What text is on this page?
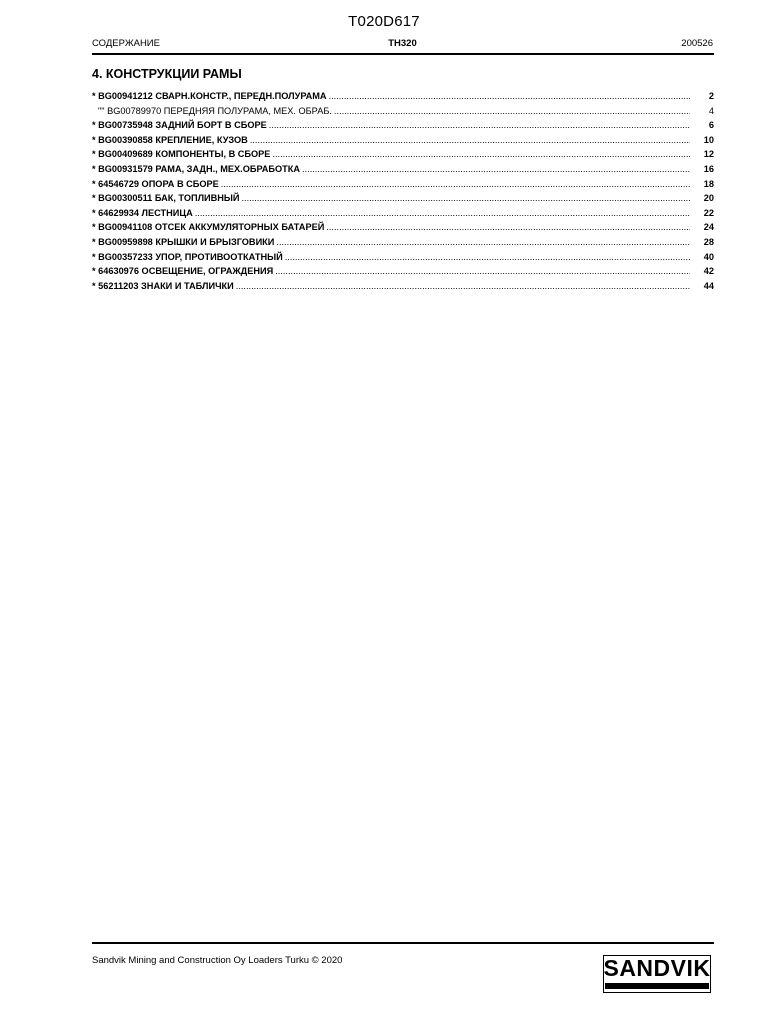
T020D617
СОДЕРЖАНИЕ	TH320	200526
4. КОНСТРУКЦИИ РАМЫ
* BG00941212 СВАРН.КОНСТР., ПЕРЕДН.ПОЛУРАМА .....	2
"" BG00789970 ПЕРЕДНЯЯ ПОЛУРАМА, МЕХ. ОБРАБ. .....	4
* BG00735948 ЗАДНИЙ БОРТ В СБОРЕ .....	6
* BG00390858 КРЕПЛЕНИЕ, КУЗОВ .....	10
* BG00409689 КОМПОНЕНТЫ, В СБОРЕ .....	12
* BG00931579 РАМА, ЗАДН., МЕХ.ОБРАБОТКА .....	16
* 64546729 ОПОРА В СБОРЕ .....	18
* BG00300511 БАК, ТОПЛИВНЫЙ .....	20
* 64629934 ЛЕСТНИЦА .....	22
* BG00941108 ОТСЕК АККУМУЛЯТОРНЫХ БАТАРЕЙ .....	24
* BG00959898 КРЫШКИ И БРЫЗГОВИКИ .....	28
* BG00357233 УПОР, ПРОТИВООТКАТНЫЙ .....	40
* 64630976 ОСВЕЩЕНИЕ, ОГРАЖДЕНИЯ .....	42
* 56211203 ЗНАКИ И ТАБЛИЧКИ .....	44
Sandvik Mining and Construction Oy Loaders Turku © 2020	SANDVIK
